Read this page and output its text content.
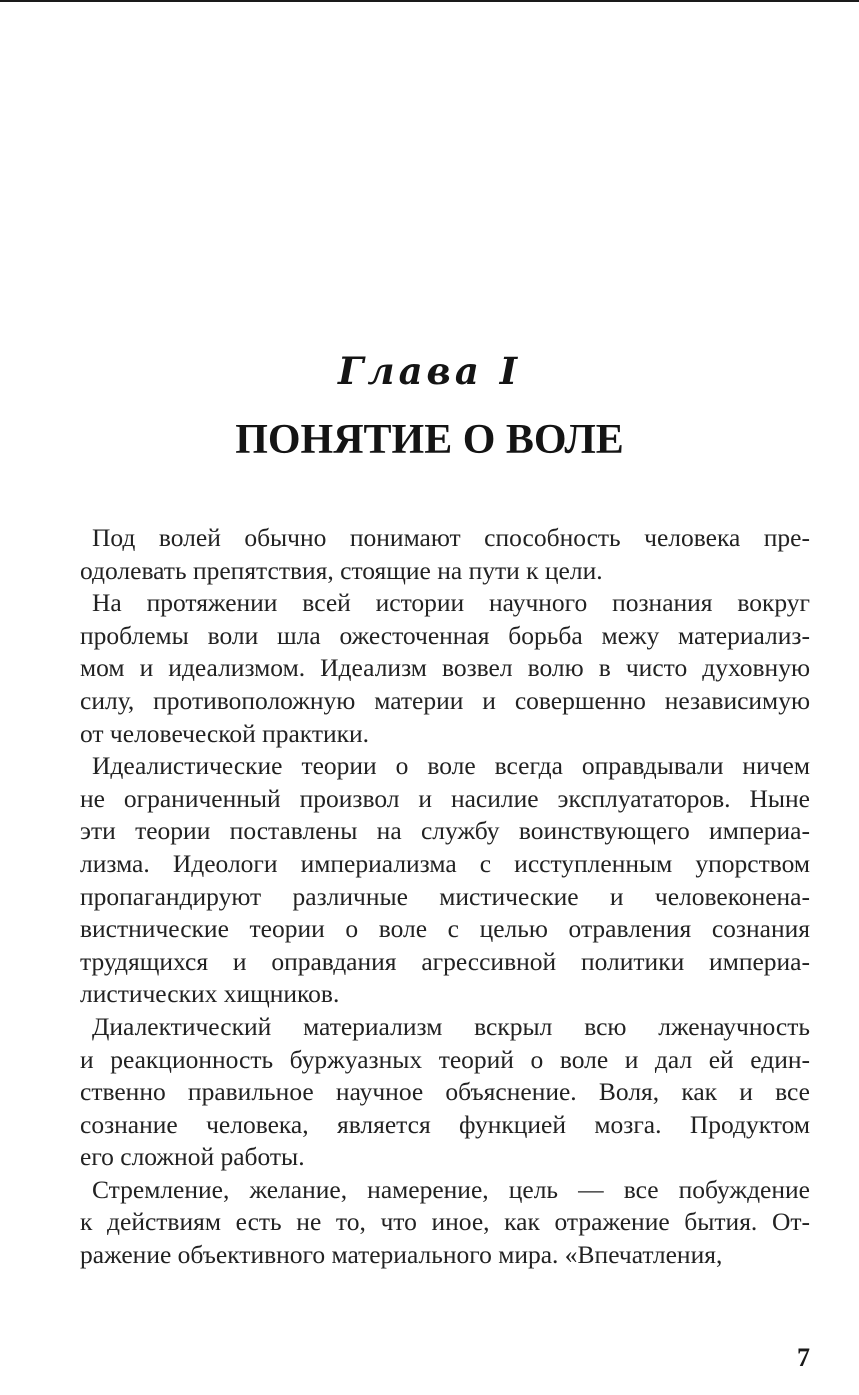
Глава I
ПОНЯТИЕ О ВОЛЕ
Под волей обычно понимают способность человека пре-
одолевать препятствия, стоящие на пути к цели.
На протяжении всей истории научного познания вокруг
проблемы воли шла ожесточенная борьба межу материализ-
мом и идеализмом. Идеализм возвел волю в чисто духовную
силу, противоположную материи и совершенно независимую
от человеческой практики.
Идеалистические теории о воле всегда оправдывали ничем
не ограниченный произвол и насилие эксплуататоров. Ныне
эти теории поставлены на службу воинствующего империа-
лизма. Идеологи империализма с исступленным упорством
пропагандируют различные мистические и человеконена-
вистнические теории о воле с целью отравления сознания
трудящихся и оправдания агрессивной политики империа-
листических хищников.
Диалектический материализм вскрыл всю лженаучность
и реакционность буржуазных теорий о воле и дал ей един-
ственно правильное научное объяснение. Воля, как и все
сознание человека, является функцией мозга. Продуктом
его сложной работы.
Стремление, желание, намерение, цель — все побуждение
к действиям есть не то, что иное, как отражение бытия. От-
ражение объективного материального мира. «Впечатления,
7
